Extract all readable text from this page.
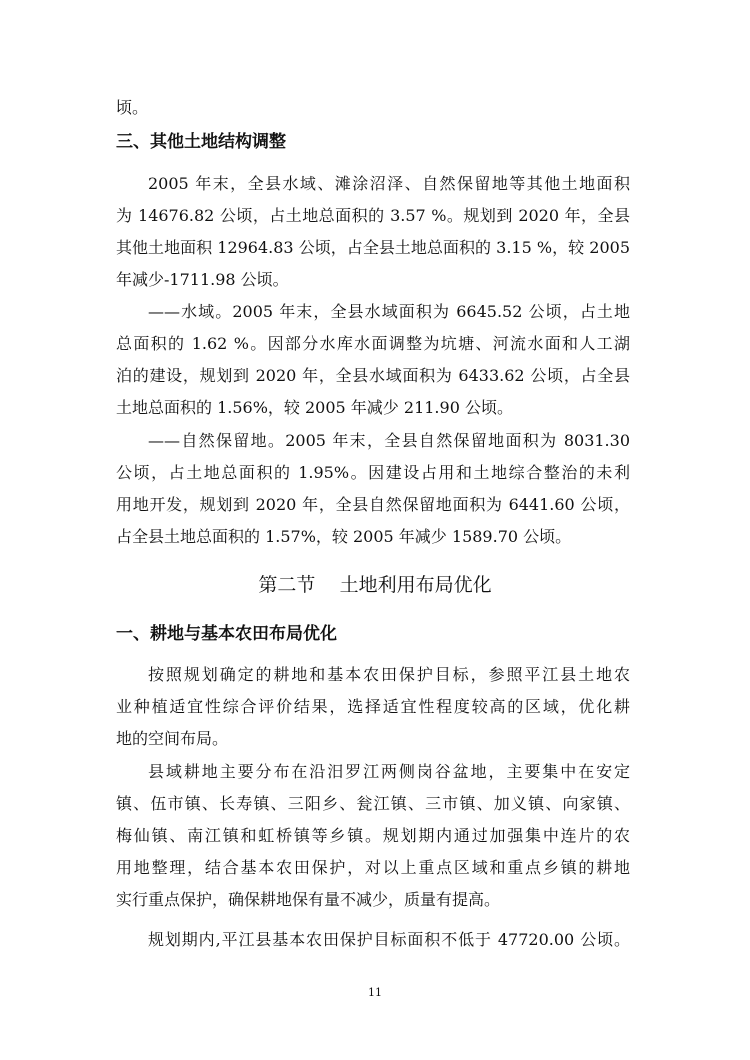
顷。
三、其他土地结构调整
2005 年末，全县水域、滩涂沼泽、自然保留地等其他土地面积
为 14676.82 公顷，占土地总面积的 3.57 %。规划到 2020 年，全县
其他土地面积 12964.83 公顷，占全县土地总面积的 3.15 %，较 2005
年减少-1711.98 公顷。
——水域。2005 年末，全县水域面积为 6645.52 公顷，占土地
总面积的 1.62 %。因部分水库水面调整为坑塘、河流水面和人工湖
泊的建设，规划到 2020 年，全县水域面积为 6433.62 公顷，占全县
土地总面积的 1.56%，较 2005 年减少 211.90 公顷。
——自然保留地。2005 年末，全县自然保留地面积为 8031.30
公顷，占土地总面积的 1.95%。因建设占用和土地综合整治的未利
用地开发，规划到 2020 年，全县自然保留地面积为 6441.60 公顷，
占全县土地总面积的 1.57%，较 2005 年减少 1589.70 公顷。
第二节    土地利用布局优化
一、耕地与基本农田布局优化
按照规划确定的耕地和基本农田保护目标，参照平江县土地农
业种植适宜性综合评价结果，选择适宜性程度较高的区域，优化耕
地的空间布局。
县域耕地主要分布在沿汨罗江两侧岗谷盆地，主要集中在安定
镇、伍市镇、长寿镇、三阳乡、瓮江镇、三市镇、加义镇、向家镇、
梅仙镇、南江镇和虹桥镇等乡镇。规划期内通过加强集中连片的农
用地整理，结合基本农田保护，对以上重点区域和重点乡镇的耕地
实行重点保护，确保耕地保有量不减少，质量有提高。
规划期内,平江县基本农田保护目标面积不低于 47720.00 公顷。
11
